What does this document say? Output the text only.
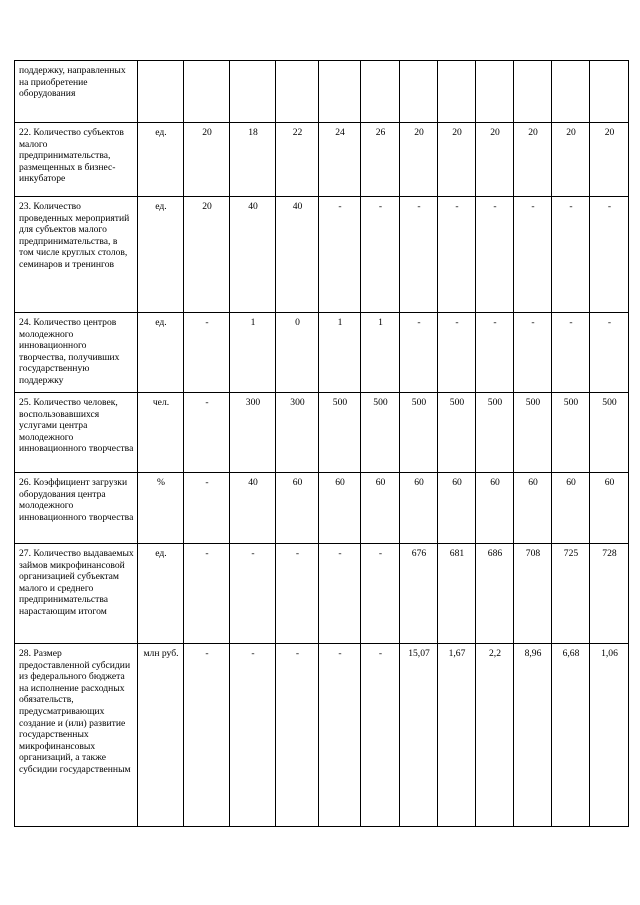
поддержку, направленных на приобретение оборудования												
22. Количество субъектов малого предпринимательства, размещенных в бизнес-инкубаторе	ед.	20	18	22	24	26	20	20	20	20	20	20
23. Количество проведенных мероприятий для субъектов малого предпринимательства, в том числе круглых столов, семинаров и тренингов	ед.	20	40	40	-	-	-	-	-	-	-	-
24. Количество центров молодежного инновационного творчества, получивших государственную поддержку	ед.	-	1	0	1	1	-	-	-	-	-	-
25. Количество человек, воспользовавшихся услугами центра молодежного инновационного творчества	чел.	-	300	300	500	500	500	500	500	500	500	500
26. Коэффициент загрузки оборудования центра молодежного инновационного творчества	%	-	40	60	60	60	60	60	60	60	60	60
27. Количество выдаваемых займов микрофинансовой организацией субъектам малого и среднего предпринимательства нарастающим итогом	ед.	-	-	-	-	-	676	681	686	708	725	728
28. Размер предоставленной субсидии из федерального бюджета на исполнение расходных обязательств, предусматривающих создание и (или) развитие государственных микрофинансовых организаций, а также субсидии государственным	млн руб.	-	-	-	-	-	15,07	1,67	2,2	8,96	6,68	1,06
